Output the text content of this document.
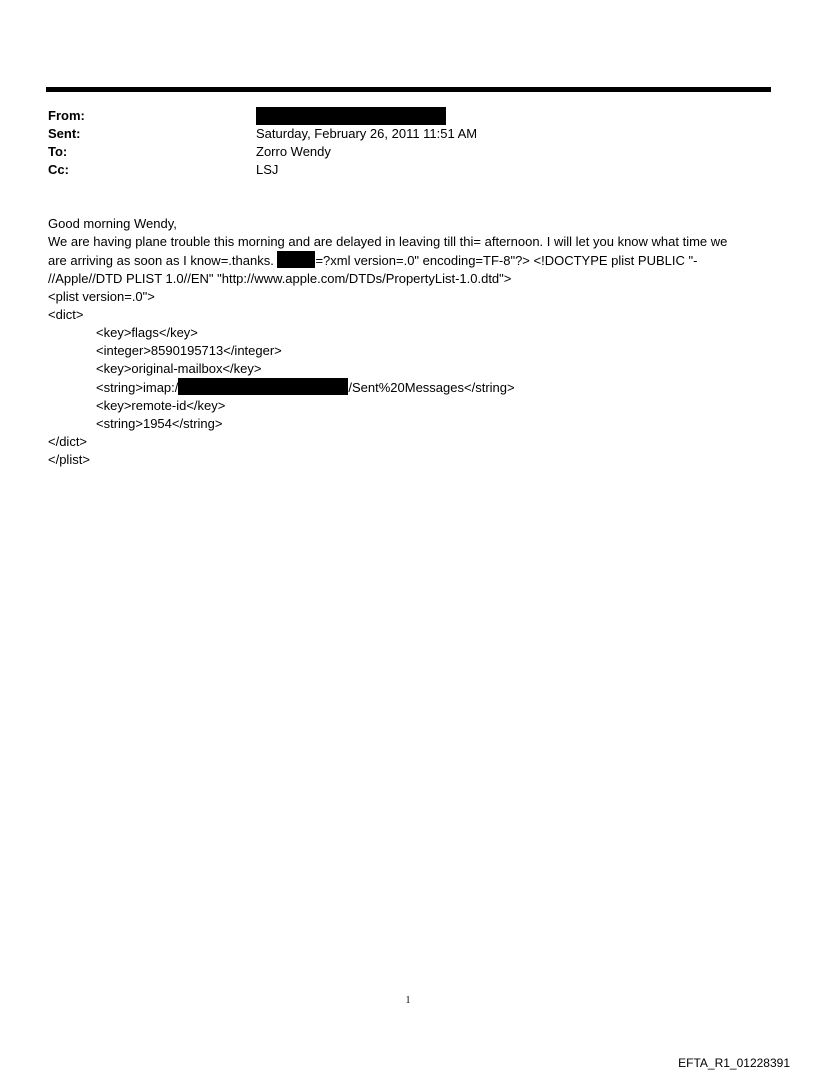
From:
Sent:	Saturday, February 26, 2011 11:51 AM
To:	Zorro Wendy
Cc:	LSJ
Good morning Wendy,
We are having plane trouble this morning and are delayed in leaving till thi= afternoon. I will let you know what time we
are arriving as soon as I know=.thanks.	=?xml version=.0" encoding=TF-8"?> <!DOCTYPE plist PUBLIC "-
//Apple//DTD PLIST 1.0//EN" "http://www.apple.com/DTDs/PropertyList-1.0.dtd">
<plist version=.0">
<dict>
<key>flags</key>
<integer>8590195713</integer>
<key>original-mailbox</key>
<string>imap:/	/Sent%20Messages</string>
<key>remote-id</key>
<string>1954</string>
</dict>
</plist>
1
EFTA_R1_01228391
